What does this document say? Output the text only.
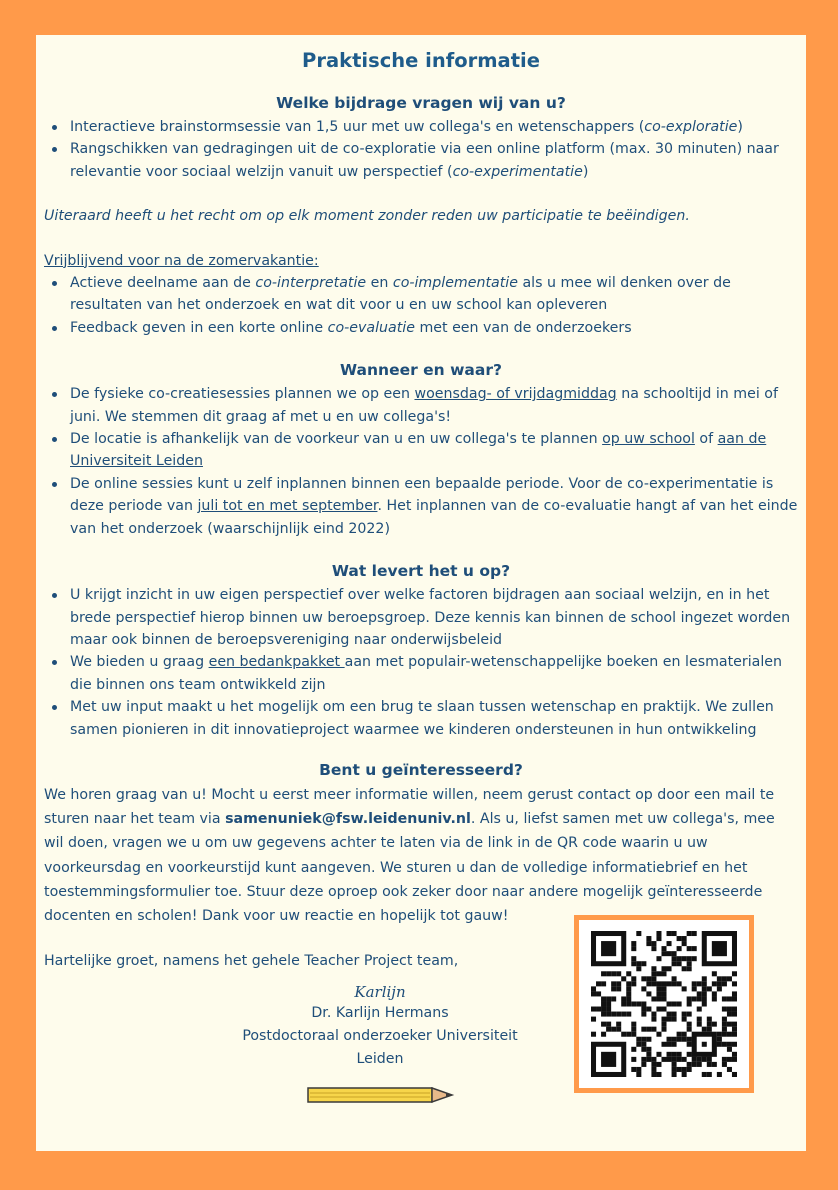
Praktische informatie
Welke bijdrage vragen wij van u?
Interactieve brainstormsessie van 1,5 uur met uw collega's en wetenschappers (co-exploratie)
Rangschikken van gedragingen uit de co-exploratie via een online platform (max. 30 minuten) naar relevantie voor sociaal welzijn vanuit uw perspectief (co-experimentatie)

Uiteraard heeft u het recht om op elk moment zonder reden uw participatie te beëindigen.

Vrijblijvend voor na de zomervakantie:

Actieve deelname aan de co-interpretatie en co-implementatie als u mee wil denken over de resultaten van het onderzoek en wat dit voor u en uw school kan opleveren
Feedback geven in een korte online co-evaluatie met een van de onderzoekers
Wanneer en waar?
De fysieke co-creatiesessies plannen we op een woensdag- of vrijdagmiddag na schooltijd in mei of juni. We stemmen dit graag af met u en uw collega's!
De locatie is afhankelijk van de voorkeur van u en uw collega's te plannen op uw school of aan de Universiteit Leiden
De online sessies kunt u zelf inplannen binnen een bepaalde periode. Voor de co-experimentatie is deze periode van juli tot en met september. Het inplannen van de co-evaluatie hangt af van het einde van het onderzoek (waarschijnlijk eind 2022)
Wat levert het u op?
U krijgt inzicht in uw eigen perspectief over welke factoren bijdragen aan sociaal welzijn, en in het brede perspectief hierop binnen uw beroepsgroep. Deze kennis kan binnen de school ingezet worden maar ook binnen de beroepsvereniging naar onderwijsbeleid
We bieden u graag een bedankpakket aan met populair-wetenschappelijke boeken en lesmaterialen die binnen ons team ontwikkeld zijn
Met uw input maakt u het mogelijk om een brug te slaan tussen wetenschap en praktijk. We zullen samen pionieren in dit innovatieproject waarmee we kinderen ondersteunen in hun ontwikkeling
Bent u geïnteresseerd?

We horen graag van u! Mocht u eerst meer informatie willen, neem gerust contact op door een mail te sturen naar het team via samenuniek@fsw.leidenuniv.nl. Als u, liefst samen met uw collega's, mee wil doen, vragen we u om uw gegevens achter te laten via de link in de QR code waarin u uw voorkeursdag en voorkeurstijd kunt aangeven. We sturen u dan de volledige informatiebrief en het toestemmingsformulier toe. Stuur deze oproep ook zeker door naar andere mogelijk geïnteresseerde docenten en scholen! Dank voor uw reactie en hopelijk tot gauw!

Hartelijke groet, namens het gehele Teacher Project team,

Karlijn

Dr. Karlijn Hermans

Postdoctoraal onderzoeker Universiteit

Leiden
